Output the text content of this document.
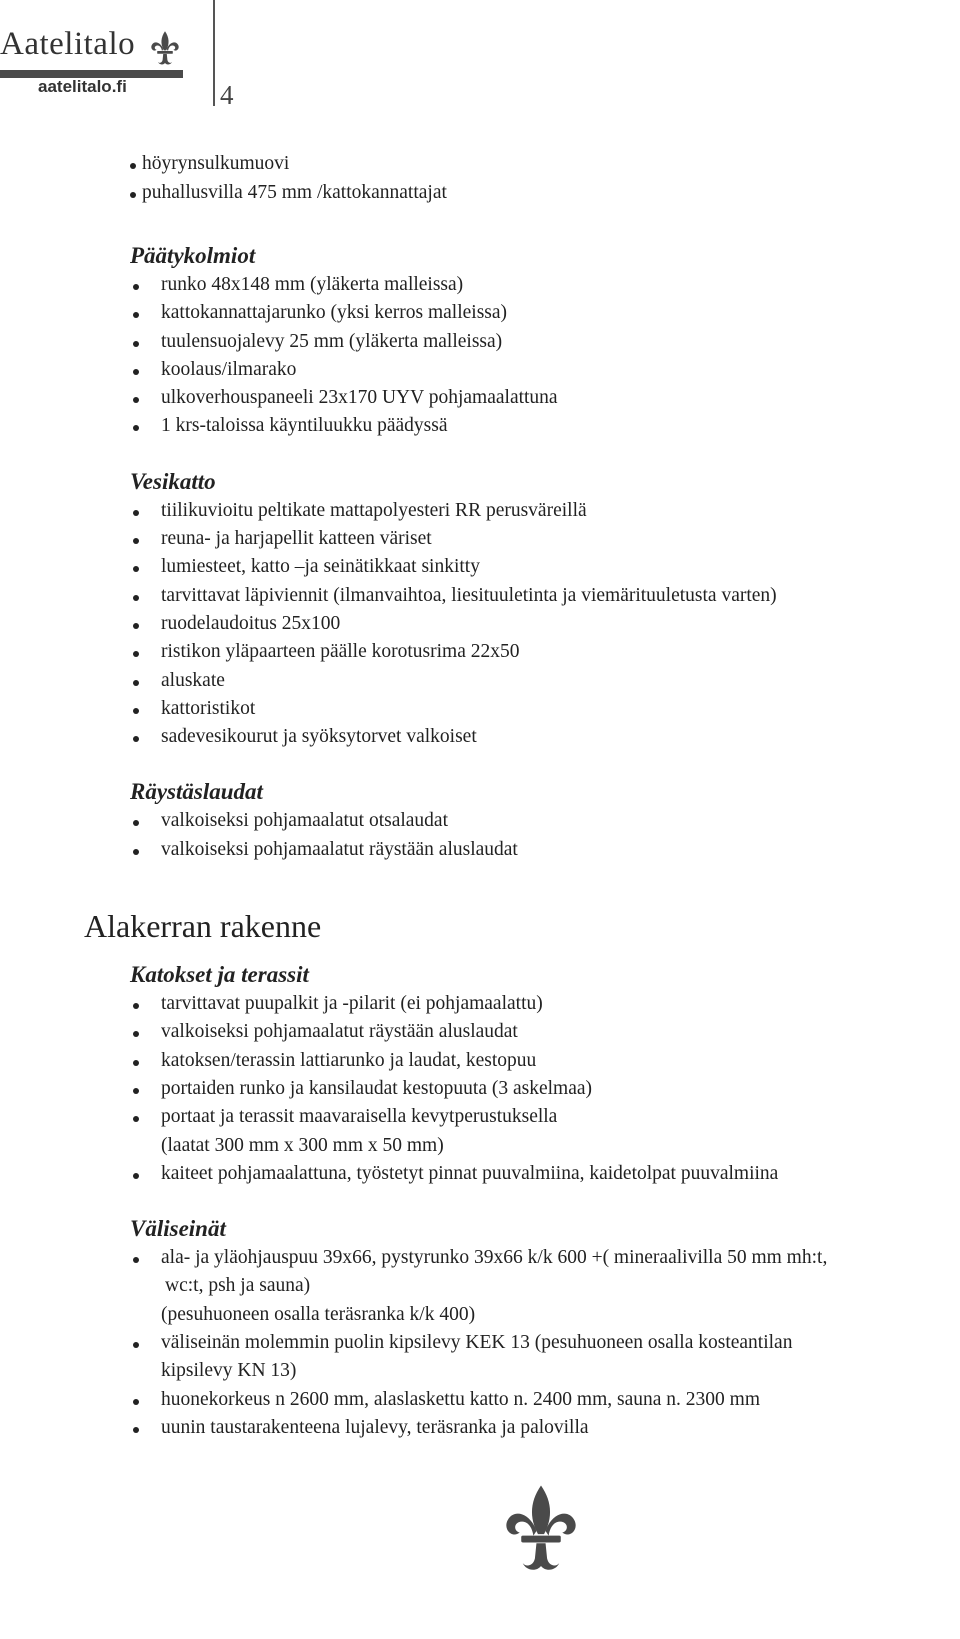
Aatelitalo
aatelitalo.fi	4
höyrynsulkumuovi
puhallusvilla 475 mm /kattokannattajat
Päätykolmiot
runko 48x148 mm (yläkerta malleissa)
kattokannattajarunko (yksi kerros malleissa)
tuulensuojalevy 25 mm (yläkerta malleissa)
koolaus/ilmarako
ulkoverhouspaneeli 23x170 UYV pohjamaalattuna
1 krs-taloissa käyntiluukku päädyssä
Vesikatto
tiilikuvioitu peltikate mattapolyesteri RR perusväreillä
reuna- ja harjapellit katteen väriset
lumiesteet, katto –ja seinätikkaat sinkitty
tarvittavat läpiviennit (ilmanvaihtoa, liesituuletinta ja viemärituuletusta varten)
ruodelaudoitus 25x100
ristikon yläpaarteen päälle korotusrima 22x50
aluskate
kattoristikot
sadevesikourut ja syöksytorvet valkoiset
Räystäslaudat
valkoiseksi pohjamaalatut otsalaudat
valkoiseksi pohjamaalatut räystään aluslaudat
Alakerran rakenne
Katokset ja terassit
tarvittavat puupalkit ja -pilarit (ei pohjamaalattu)
valkoiseksi pohjamaalatut räystään aluslaudat
katoksen/terassin lattiarunko ja laudat, kestopuu
portaiden runko ja kansilaudat kestopuuta (3 askelmaa)
portaat ja terassit maavaraisella kevytperustuksella
(laatat 300 mm x 300 mm x 50 mm)
kaiteet pohjamaalattuna, työstetyt pinnat puuvalmiina, kaidetolpat puuvalmiina
Väliseinät
ala- ja yläohjauspuu 39x66, pystyrunko 39x66 k/k 600 +( mineraalivilla 50 mm mh:t,
wc:t, psh ja sauna)
(pesuhuoneen osalla teräsranka k/k 400)
väliseinän molemmin puolin kipsilevy KEK 13 (pesuhuoneen osalla kosteantilan
kipsilevy KN 13)
huonekorkeus n 2600 mm, alaslaskettu katto n. 2400 mm, sauna n. 2300 mm
uunin taustarakenteena lujalevy, teräsranka ja palovilla
